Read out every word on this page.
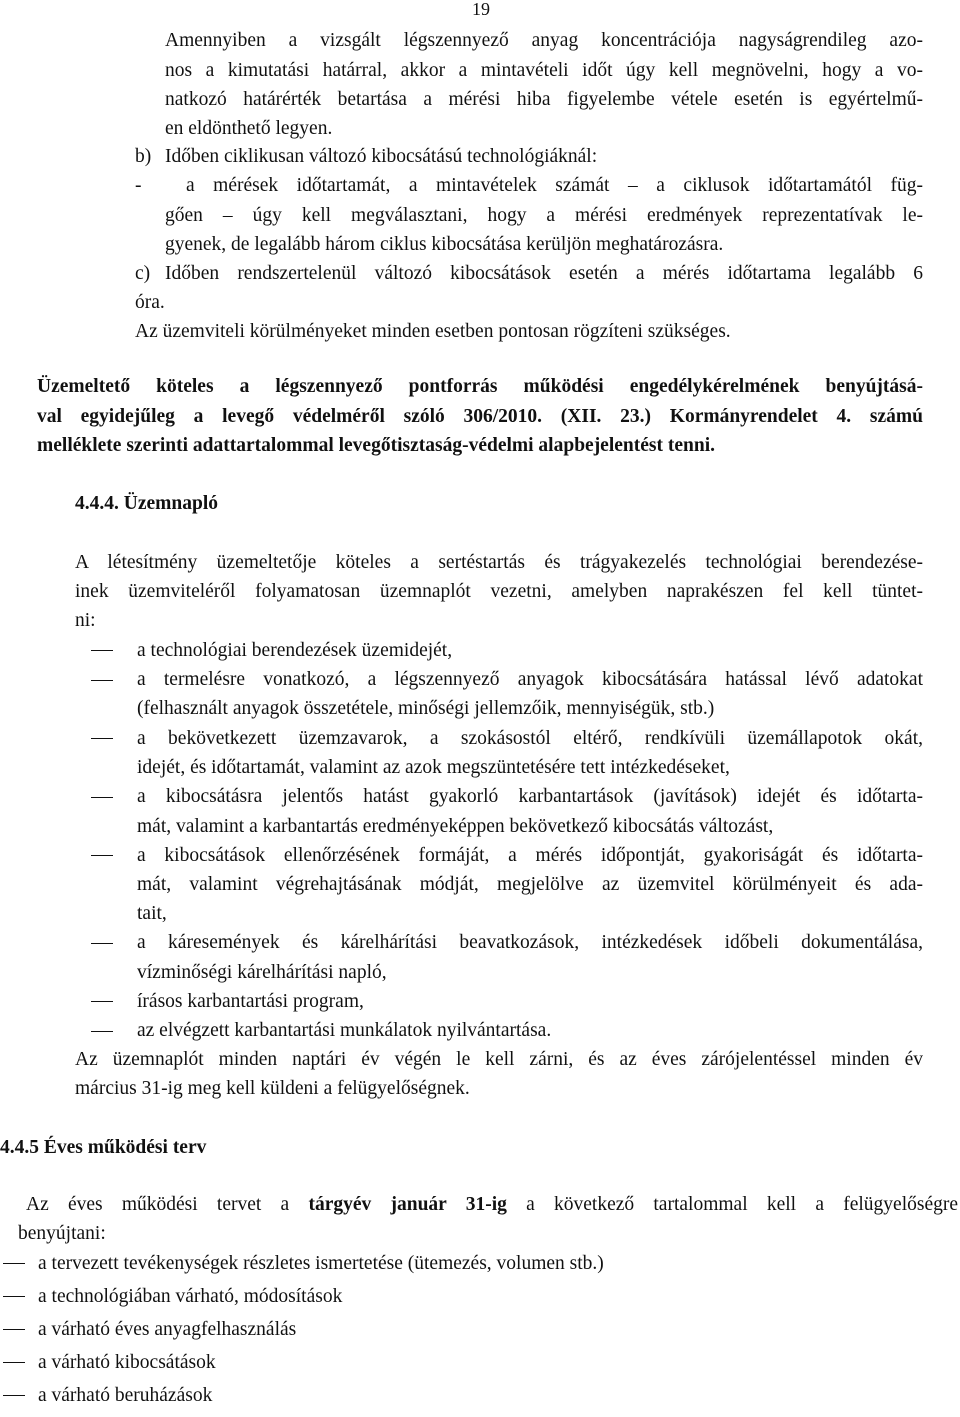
19
Amennyiben a vizsgált légszennyező anyag koncentrációja nagyságrendileg azo-
nos a kimutatási határral, akkor a mintavételi időt úgy kell megnövelni, hogy a vo-
natkozó határérték betartása a mérési hiba figyelembe vétele esetén is egyértelmű-
en eldönthető legyen.
b) Időben ciklikusan változó kibocsátású technológiáknál:
- a mérések időtartamát, a mintavételek számát – a ciklusok időtartamától füg-
gően – úgy kell megválasztani, hogy a mérési eredmények reprezentatívak le-
gyenek, de legalább három ciklus kibocsátása kerüljön meghatározásra.
c) Időben rendszertelenül változó kibocsátások esetén a mérés időtartama legalább 6
óra.
Az üzemviteli körülményeket minden esetben pontosan rögzíteni szükséges.
Üzemeltető köteles a légszennyező pontforrás működési engedélykérelmének benyújtásá-
val egyidejűleg a levegő védelméről szóló 306/2010. (XII. 23.) Kormányrendelet 4. számú
melléklete szerinti adattartalommal levegőtisztaság-védelmi alapbejelentést tenni.
4.4.4. Üzemnapló
A létesítmény üzemeltetője köteles a sertéstartás és trágyakezelés technológiai berendezése-
inek üzemviteléről folyamatosan üzemnaplót vezetni, amelyben naprakészen fel kell tüntet-
ni:
a technológiai berendezések üzemidejét,
a termelésre vonatkozó, a légszennyező anyagok kibocsátására hatással lévő adatokat
(felhasznált anyagok összetétele, minőségi jellemzőik, mennyiségük, stb.)
a bekövetkezett üzemzavarok, a szokásostól eltérő, rendkívüli üzemállapotok okát,
idejét, és időtartamát, valamint az azok megszüntetésére tett intézkedéseket,
a kibocsátásra jelentős hatást gyakorló karbantartások (javítások) idejét és időtarta-
mát, valamint a karbantartás eredményeképpen bekövetkező kibocsátás változást,
a kibocsátások ellenőrzésének formáját, a mérés időpontját, gyakoriságát és időtarta-
mát, valamint végrehajtásának módját, megjelölve az üzemvitel körülményeit és ada-
tait,
a káresemények és kárelhárítási beavatkozások, intézkedések időbeli dokumentálása,
vízminőségi kárelhárítási napló,
írásos karbantartási program,
az elvégzett karbantartási munkálatok nyilvántartása.
Az üzemnaplót minden naptári év végén le kell zárni, és az éves zárójelentéssel minden év
március 31-ig meg kell küldeni a felügyelőségnek.
4.4.5 Éves működési terv
Az éves működési tervet a tárgyév január 31-ig a következő tartalommal kell a felügyelőségre
benyújtani:
a tervezett tevékenységek részletes ismertetése (ütemezés, volumen stb.)
a technológiában várható, módosítások
a várható éves anyagfelhasználás
a várható kibocsátások
a várható beruházások
